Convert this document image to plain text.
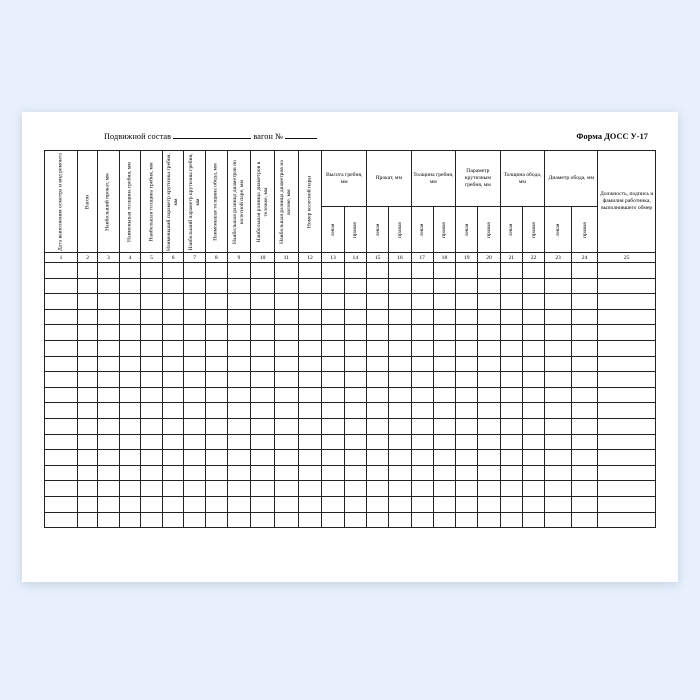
Подвижной состав	вагон №	Форма ДОСС У-17
Дата выполнения осмотра и вид ремонта	Вагон	Наибольший прокат, мм	Наименьшая толщина гребня, мм	Наибольшая толщина гребня, мм	Наименьший параметр крутизны гребня, мм	Наибольший параметр крутизны гребня, мм	Наименьшая толщина обода, мм	Наибольшая разница диаметров по колесной паре, мм	Наибольшая разница диаметров в тележке, мм	Наибольшая разница диаметров на вагоне, мм	Номер колесной пары	Высота гребня, мм		Прокат, мм		Толщина гребня, мм		Параметр крутизным гребня, мм		Толщина обода, мм		Диаметр обода, мм		Должность, подпись и фамилия работника, выполнившего обмер

												левая	правая	левая	правая	левая	правая	левая	правая	левая	правая	левая	правая	

1	2	3	4	5	6	7	8	9	10	11	12	13	14	15	16	17	18	19	20	21	22	23	24	25
